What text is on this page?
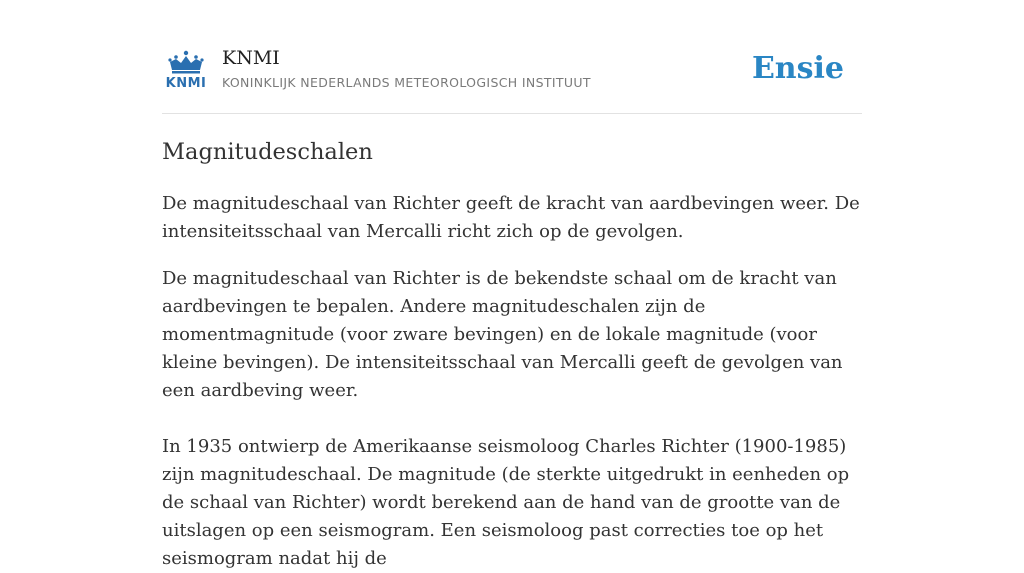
KNMI
KNMI
KONINKLIJK NEDERLANDS METEOROLOGISCH INSTITUUT	Ensie
Magnitudeschalen

De magnitudeschaal van Richter geeft de kracht van aardbevingen weer. De intensiteitsschaal van Mercalli richt zich op de gevolgen.

De magnitudeschaal van Richter is de bekendste schaal om de kracht van aardbevingen te bepalen. Andere magnitudeschalen zijn de momentmagnitude (voor zware bevingen) en de lokale magnitude (voor kleine bevingen). De intensiteitsschaal van Mercalli geeft de gevolgen van een aardbeving weer.

In 1935 ontwierp de Amerikaanse seismoloog Charles Richter (1900-1985) zijn magnitudeschaal. De magnitude (de sterkte uitgedrukt in eenheden op de schaal van Richter) wordt berekend aan de hand van de grootte van de uitslagen op een seismogram. Een seismoloog past correcties toe op het seismogram nadat hij de
